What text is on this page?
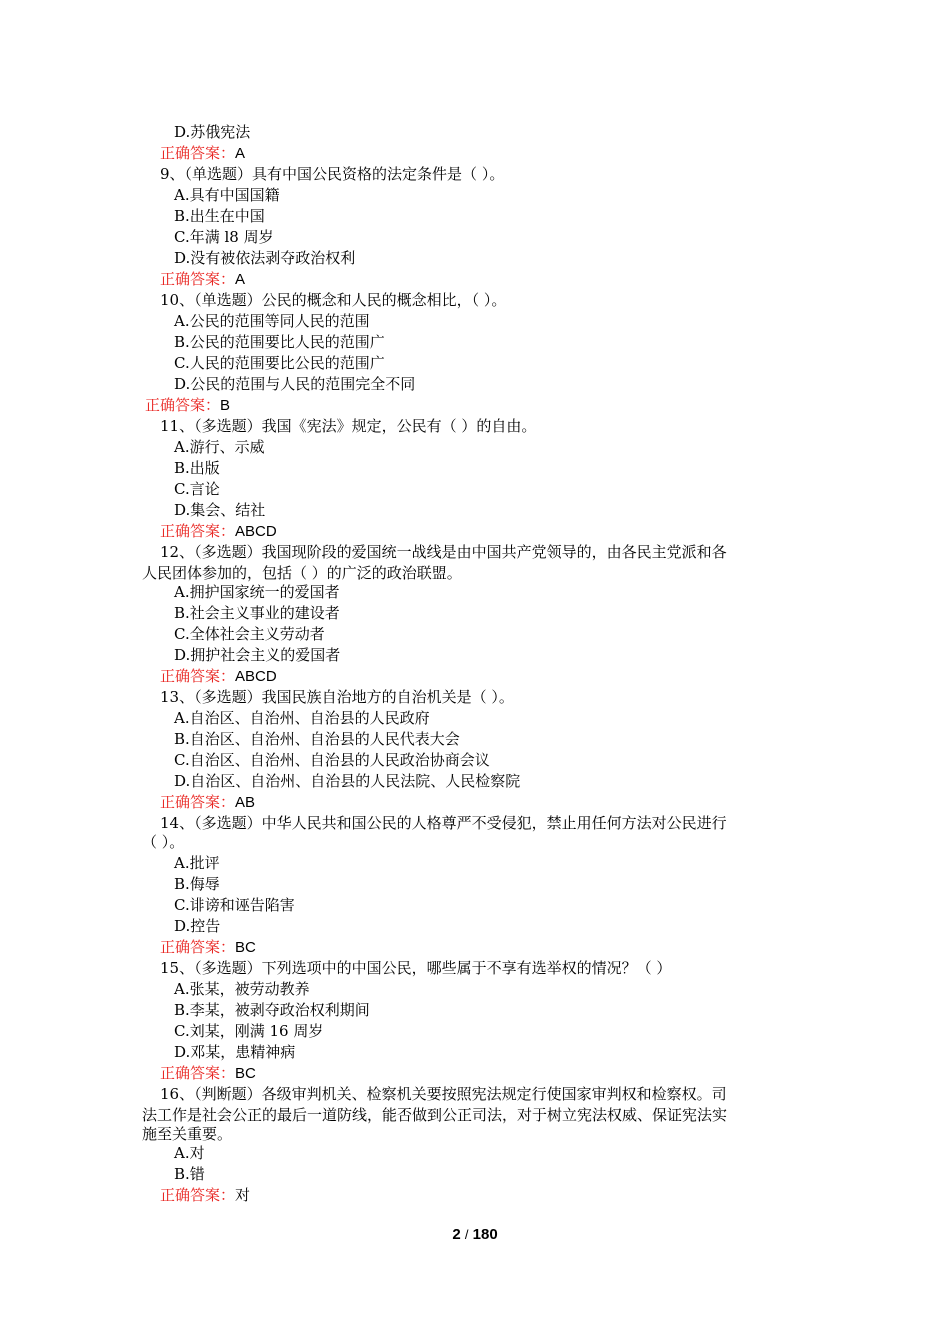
D.苏俄宪法
正确答案：A
9、（单选题）具有中国公民资格的法定条件是（ ）。
A.具有中国国籍
B.出生在中国
C.年满 l8 周岁
D.没有被依法剥夺政治权利
正确答案：A
10、（单选题）公民的概念和人民的概念相比，（ ）。
A.公民的范围等同人民的范围
B.公民的范围要比人民的范围广
C.人民的范围要比公民的范围广
D.公民的范围与人民的范围完全不同
正确答案：B
11、（多选题）我国《宪法》规定，公民有（ ）的自由。
A.游行、示威
B.出版
C.言论
D.集会、结社
正确答案：ABCD
12、（多选题）我国现阶段的爱国统一战线是由中国共产党领导的，由各民主党派和各
人民团体参加的，包括（ ）的广泛的政治联盟。
A.拥护国家统一的爱国者
B.社会主义事业的建设者
C.全体社会主义劳动者
D.拥护社会主义的爱国者
正确答案：ABCD
13、（多选题）我国民族自治地方的自治机关是（ ）。
A.自治区、自治州、自治县的人民政府
B.自治区、自治州、自治县的人民代表大会
C.自治区、自治州、自治县的人民政治协商会议
D.自治区、自治州、自治县的人民法院、人民检察院
正确答案：AB
14、（多选题）中华人民共和国公民的人格尊严不受侵犯，禁止用任何方法对公民进行
（ ）。
A.批评
B.侮辱
C.诽谤和诬告陷害
D.控告
正确答案：BC
15、（多选题）下列选项中的中国公民，哪些属于不享有选举权的情况？（ ）
A.张某，被劳动教养
B.李某，被剥夺政治权利期间
C.刘某，刚满 16 周岁
D.邓某，患精神病
正确答案：BC
16、（判断题）各级审判机关、检察机关要按照宪法规定行使国家审判权和检察权。司
法工作是社会公正的最后一道防线，能否做到公正司法，对于树立宪法权威、保证宪法实
施至关重要。
A.对
B.错
正确答案：对
2 / 180
